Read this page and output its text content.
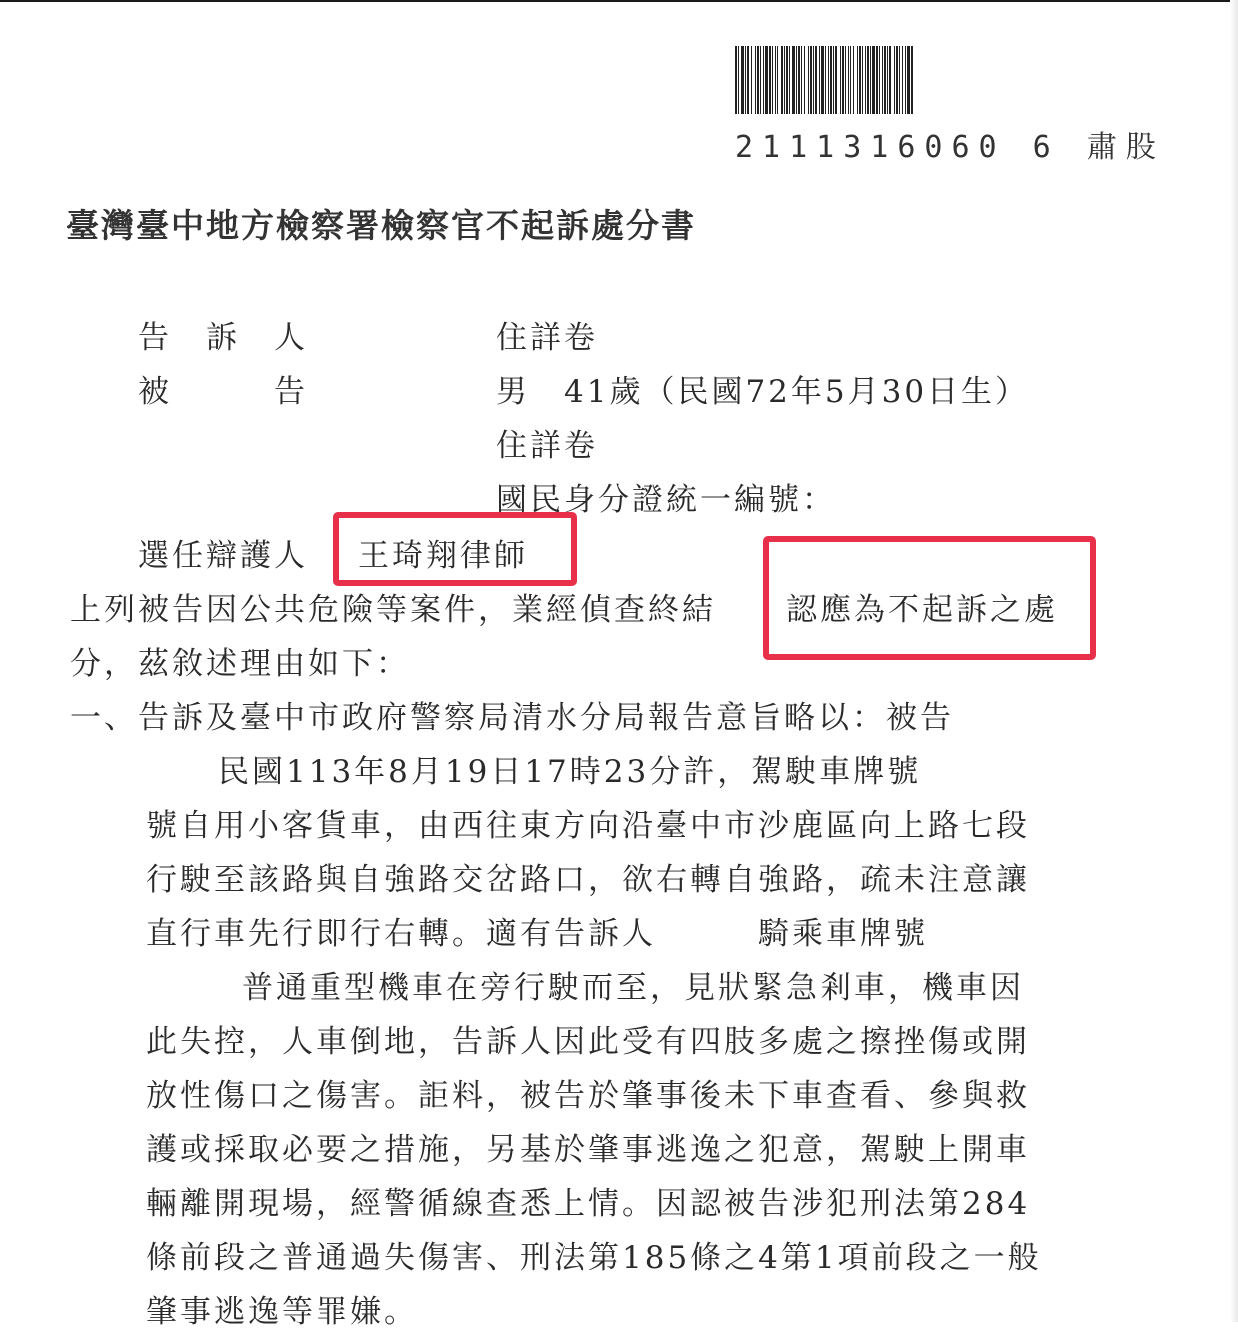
2111316060 6 肅股
臺灣臺中地方檢察署檢察官不起訴處分書
告　訴　人	住詳卷
被　　　告	男　41歲（民國72年5月30日生）
住詳卷
國民身分證統一編號：
選任辯護人 王琦翔律師
上列被告因公共危險等案件，業經偵查終結 認應為不起訴之處
分，茲敘述理由如下：
一、告訴及臺中市政府警察局清水分局報告意旨略以：被告
民國113年8月19日17時23分許，駕駛車牌號
號自用小客貨車，由西往東方向沿臺中市沙鹿區向上路七段
行駛至該路與自強路交岔路口，欲右轉自強路，疏未注意讓
直行車先行即行右轉。適有告訴人　　　騎乘車牌號
普通重型機車在旁行駛而至，見狀緊急剎車，機車因
此失控，人車倒地，告訴人因此受有四肢多處之擦挫傷或開
放性傷口之傷害。詎料，被告於肇事後未下車查看、參與救
護或採取必要之措施，另基於肇事逃逸之犯意，駕駛上開車
輛離開現場，經警循線查悉上情。因認被告涉犯刑法第284
條前段之普通過失傷害、刑法第185條之4第1項前段之一般
肇事逃逸等罪嫌。
